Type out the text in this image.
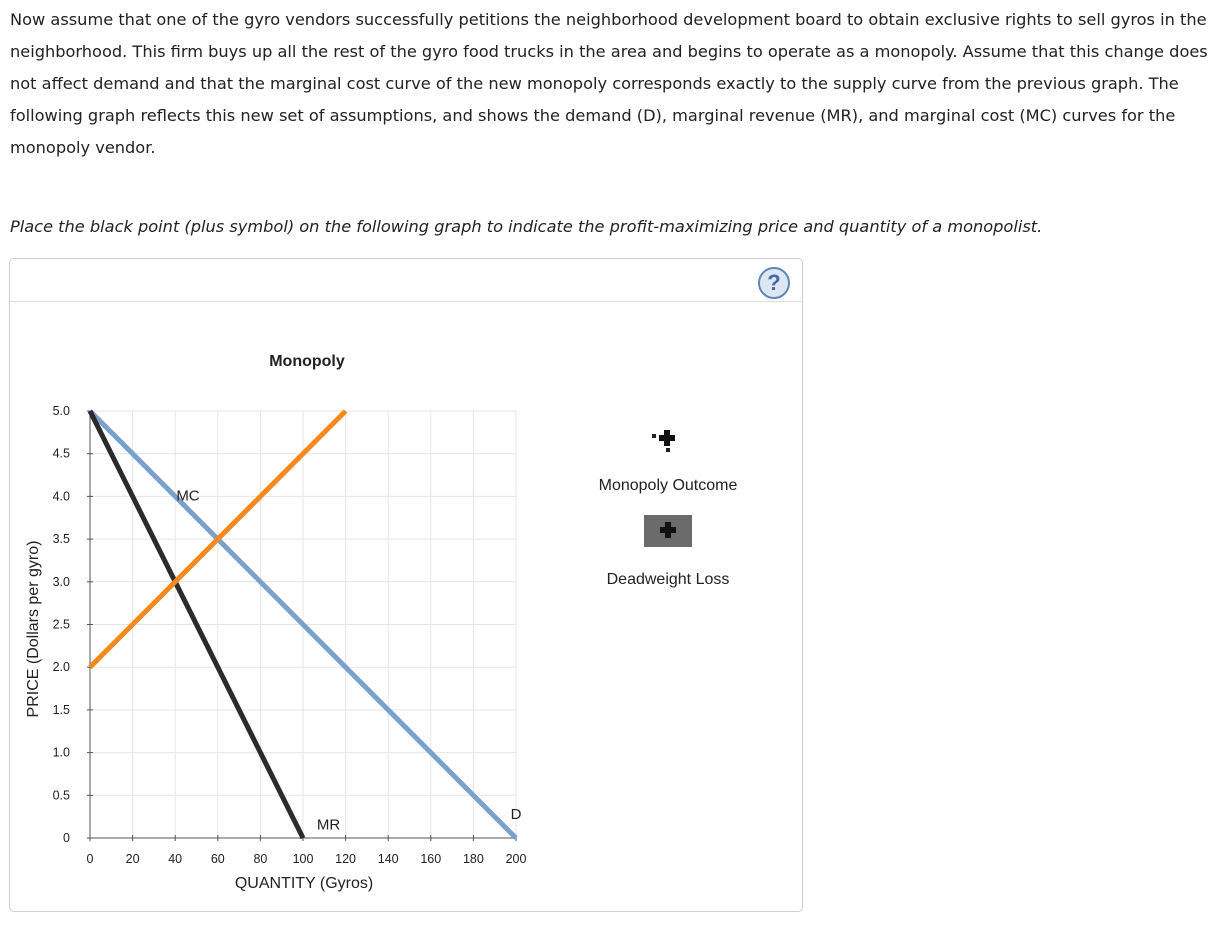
Now assume that one of the gyro vendors successfully petitions the neighborhood development board to obtain exclusive rights to sell gyros in the neighborhood. This firm buys up all the rest of the gyro food trucks in the area and begins to operate as a monopoly. Assume that this change does not affect demand and that the marginal cost curve of the new monopoly corresponds exactly to the supply curve from the previous graph. The following graph reflects this new set of assumptions, and shows the demand (D), marginal revenue (MR), and marginal cost (MC) curves for the monopoly vendor.

Place the black point (plus symbol) on the following graph to indicate the profit-maximizing price and quantity of a monopolist.

?
Monopoly
0	20 40 60 80 100 120 140 160 180 200
0
0.5
1.0
1.5
2.0
2.5
3.0
3.5
4.0
4.5
5.0
D
MR
MC
QUANTITY (Gyros)
PRICE (Dollars per gyro)
Monopoly Outcome
Deadweight Loss
